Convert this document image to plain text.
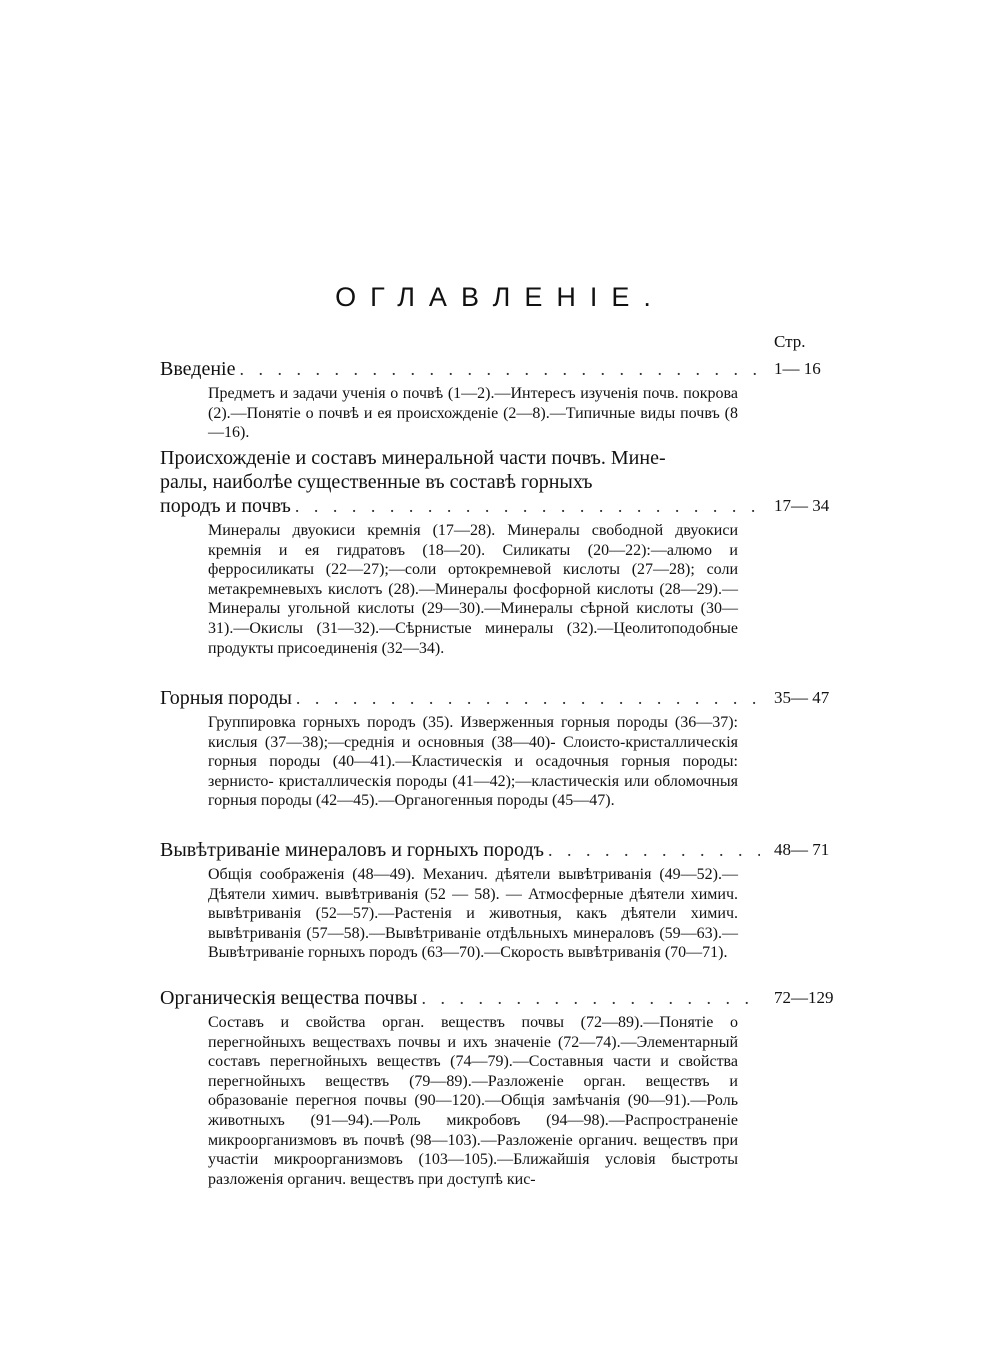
ОГЛАВЛЕНІЕ.
Стр.
Введеніе . . .	1— 16
Предметъ и задачи ученія о почвѣ (1—2).—Интересъ изученія почв. покрова (2).—Понятіе о почвѣ и ея происхожденіе (2—8).—Типичные виды почвъ (8—16).
Происхожденіе и составъ минеральной части почвъ. Мине-
ралы, наиболѣе существенные въ составѣ горныхъ
породъ и почвъ . . .	17— 34
Минералы двуокиси кремнія (17—28). Минералы свободной двуокиси кремнія и ея гидратовъ (18—20). Силикаты (20—22):—алюмо и ферросиликаты (22—27);—соли ортокремневой кислоты (27—28); соли метакремневыхъ кислотъ (28).—Минералы фосфорной кислоты (28—29).—Минералы угольной кислоты (29—30).—Минералы сѣрной кислоты (30—31).—Окислы (31—32).—Сѣрнистые минералы (32).—Цеолитоподобные продукты присоединенія (32—34).
Горныя породы . . .	35— 47
Группировка горныхъ породъ (35). Изверженныя горныя породы (36—37): кислыя (37—38);—среднія и основныя (38—40)- Слоисто-кристаллическія горныя породы (40—41).—Кластическія и осадочныя горныя породы: зернисто- кристаллическія породы (41—42);—кластическія или обломочныя горныя породы (42—45).—Органогенныя породы (45—47).
Вывѣтриваніе минераловъ и горныхъ породъ . . .	48— 71
Общія соображенія (48—49). Механич. дѣятели вывѣтриванія (49—52).—Дѣятели химич. вывѣтриванія (52 — 58). — Атмосферные дѣятели химич. вывѣтриванія (52—57).—Растенія и животныя, какъ дѣятели химич. вывѣтриванія (57—58).—Вывѣтриваніе отдѣльныхъ минераловъ (59—63).—Вывѣтриваніе горныхъ породъ (63—70).—Скорость вывѣтриванія (70—71).
Органическія вещества почвы . . .	72—129
Составъ и свойства орган. веществъ почвы (72—89).—Понятіе о перегнойныхъ веществахъ почвы и ихъ значеніе (72—74).—Элементарный составъ перегнойныхъ веществъ (74—79).—Составныя части и свойства перегнойныхъ веществъ (79—89).—Разложеніе орган. веществъ и образованіе перегноя почвы (90—120).—Общія замѣчанія (90—91).—Роль животныхъ (91—94).—Роль микробовъ (94—98).—Распространеніе микроорганизмовъ въ почвѣ (98—103).—Разложеніе органич. веществъ при участіи микроорганизмовъ (103—105).—Ближайшія условія быстроты разложенія органич. веществъ при доступѣ кис-
